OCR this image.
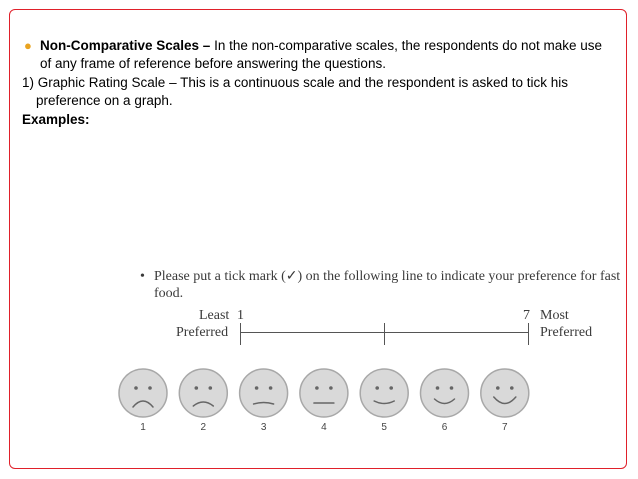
● Non-Comparative Scales – In the non-comparative scales, the respondents do not make use of any frame of reference before answering the questions.

1) Graphic Rating Scale – This is a continuous scale and the respondent is asked to tick his preference on a graph.

Examples:

• Please put a tick mark (✓) on the following line to indicate your preference for fast food.
Least 1
Preferred
7 Most
Preferred
1	2	3	4	5	6	7
